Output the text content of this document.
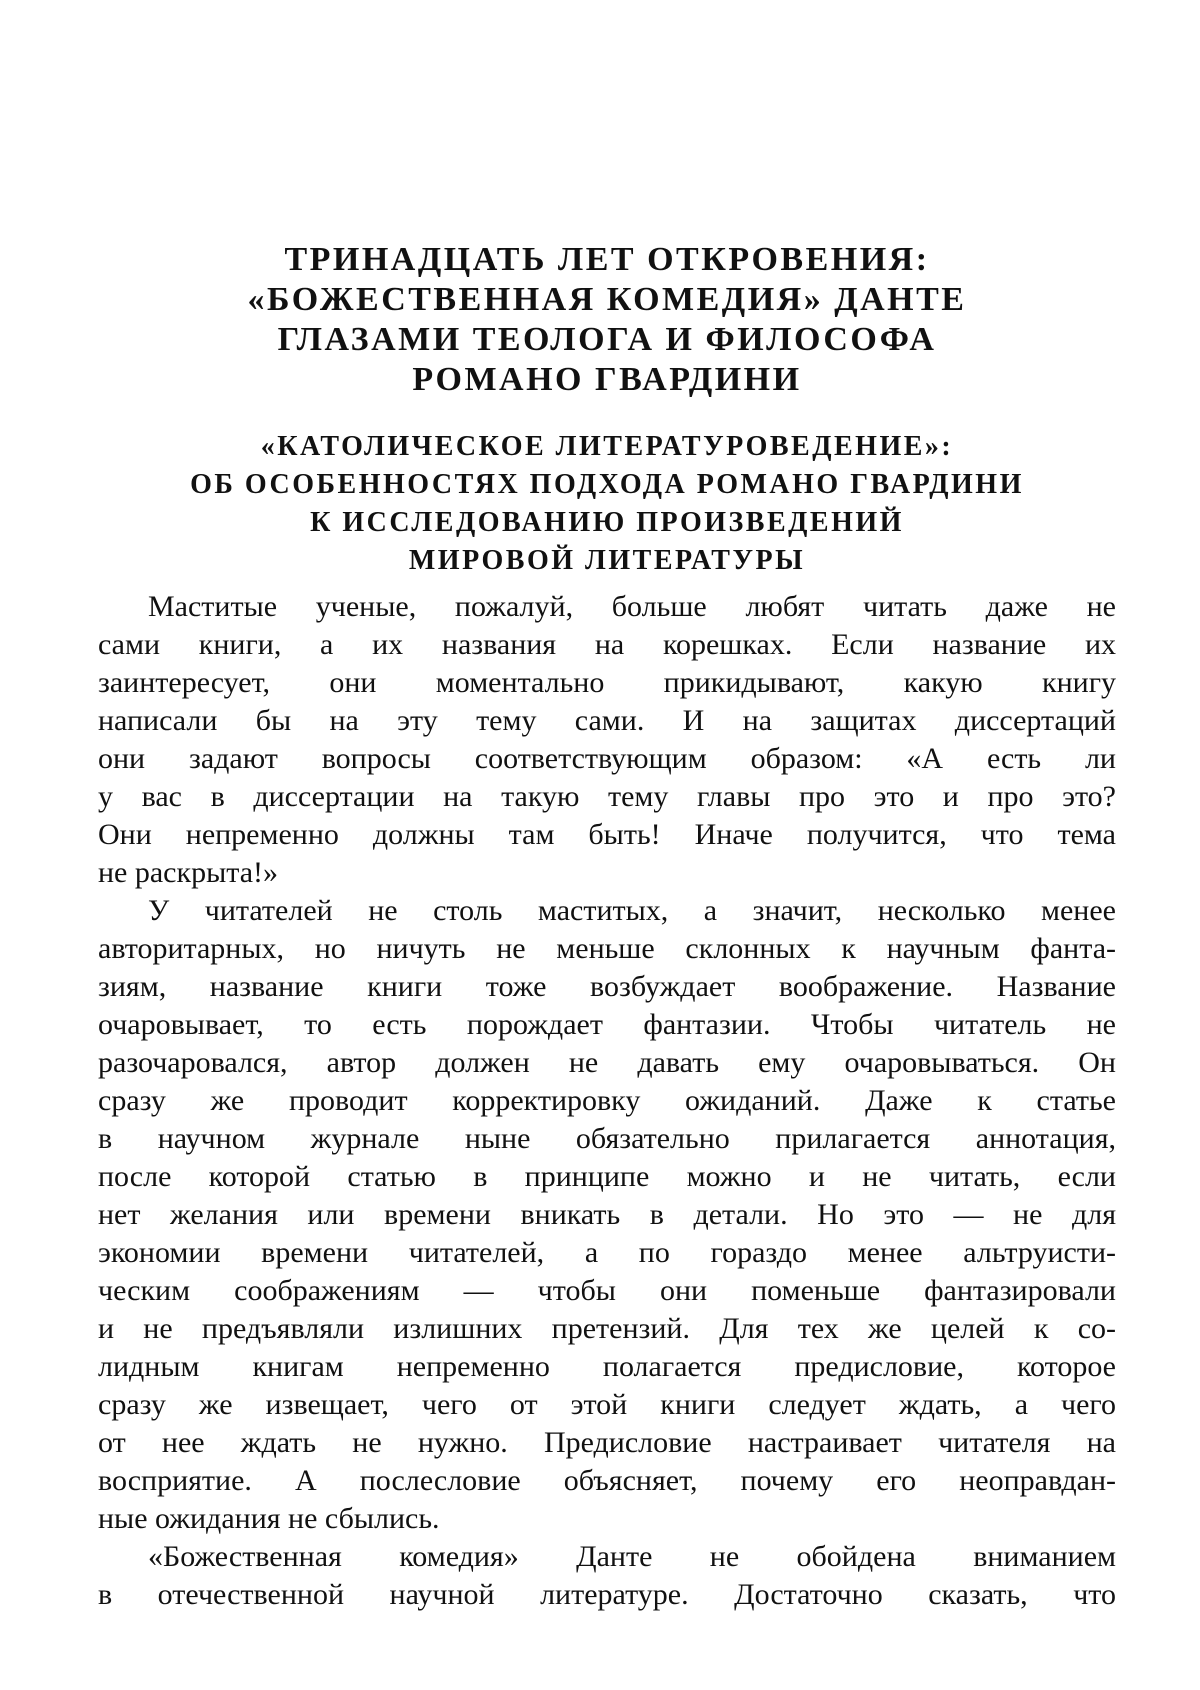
ТРИНАДЦАТЬ ЛЕТ ОТКРОВЕНИЯ:
«БОЖЕСТВЕННАЯ КОМЕДИЯ» ДАНТЕ
ГЛАЗАМИ ТЕОЛОГА И ФИЛОСОФА
РОМАНО ГВАРДИНИ
«КАТОЛИЧЕСКОЕ ЛИТЕРАТУРОВЕДЕНИЕ»:
ОБ ОСОБЕННОСТЯХ ПОДХОДА РОМАНО ГВАРДИНИ
К ИССЛЕДОВАНИЮ ПРОИЗВЕДЕНИЙ
МИРОВОЙ ЛИТЕРАТУРЫ

Маститые ученые, пожалуй, больше любят читать даже не
сами книги, а их названия на корешках. Если название их
заинтересует, они моментально прикидывают, какую книгу
написали бы на эту тему сами. И на защитах диссертаций
они задают вопросы соответствующим образом: «А есть ли
у вас в диссертации на такую тему главы про это и про это?
Они непременно должны там быть! Иначе получится, что тема
не раскрыта!»

У читателей не столь маститых, а значит, несколько менее
авторитарных, но ничуть не меньше склонных к научным фанта-
зиям, название книги тоже возбуждает воображение. Название
очаровывает, то есть порождает фантазии. Чтобы читатель не
разочаровался, автор должен не давать ему очаровываться. Он
сразу же проводит корректировку ожиданий. Даже к статье
в научном журнале ныне обязательно прилагается аннотация,
после которой статью в принципе можно и не читать, если
нет желания или времени вникать в детали. Но это — не для
экономии времени читателей, а по гораздо менее альтруисти-
ческим соображениям — чтобы они поменьше фантазировали
и не предъявляли излишних претензий. Для тех же целей к со-
лидным книгам непременно полагается предисловие, которое
сразу же извещает, чего от этой книги следует ждать, а чего
от нее ждать не нужно. Предисловие настраивает читателя на
восприятие. А послесловие объясняет, почему его неоправдан-
ные ожидания не сбылись.

«Божественная комедия» Данте не обойдена вниманием
в отечественной научной литературе. Достаточно сказать, что
